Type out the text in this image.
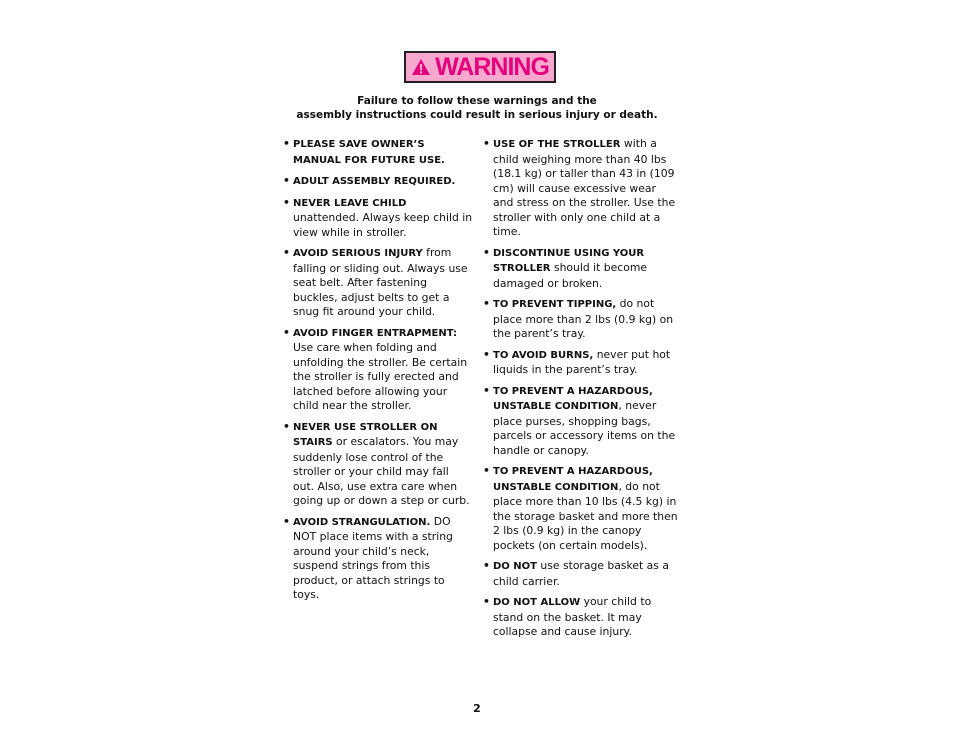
WARNING
Failure to follow these warnings and the
assembly instructions could result in serious injury or death.
• PLEASE SAVE OWNER’S MANUAL FOR FUTURE USE.
• ADULT ASSEMBLY REQUIRED.
• NEVER LEAVE CHILD unattended. Always keep child in view while in stroller.
• AVOID SERIOUS INJURY from falling or sliding out. Always use seat belt. After fastening buckles, adjust belts to get a snug fit around your child.
• AVOID FINGER ENTRAPMENT: Use care when folding and unfolding the stroller. Be certain the stroller is fully erected and latched before allowing your child near the stroller.
• NEVER USE STROLLER ON STAIRS or escalators. You may suddenly lose control of the stroller or your child may fall out. Also, use extra care when going up or down a step or curb.
• AVOID STRANGULATION. DO NOT place items with a string around your child’s neck, suspend strings from this product, or attach strings to toys.
• USE OF THE STROLLER with a child weighing more than 40 lbs (18.1 kg) or taller than 43 in (109 cm) will cause excessive wear and stress on the stroller. Use the stroller with only one child at a time.
• DISCONTINUE USING YOUR STROLLER should it become damaged or broken.
• TO PREVENT TIPPING, do not place more than 2 lbs (0.9 kg) on the parent’s tray.
• TO AVOID BURNS, never put hot liquids in the parent’s tray.
• TO PREVENT A HAZARDOUS, UNSTABLE CONDITION, never place purses, shopping bags, parcels or accessory items on the handle or canopy.
• TO PREVENT A HAZARDOUS, UNSTABLE CONDITION, do not place more than 10 lbs (4.5 kg) in the storage basket and more then 2 lbs (0.9 kg) in the canopy pockets (on certain models).
• DO NOT use storage basket as a child carrier.
• DO NOT ALLOW your child to stand on the basket. It may collapse and cause injury.
2
